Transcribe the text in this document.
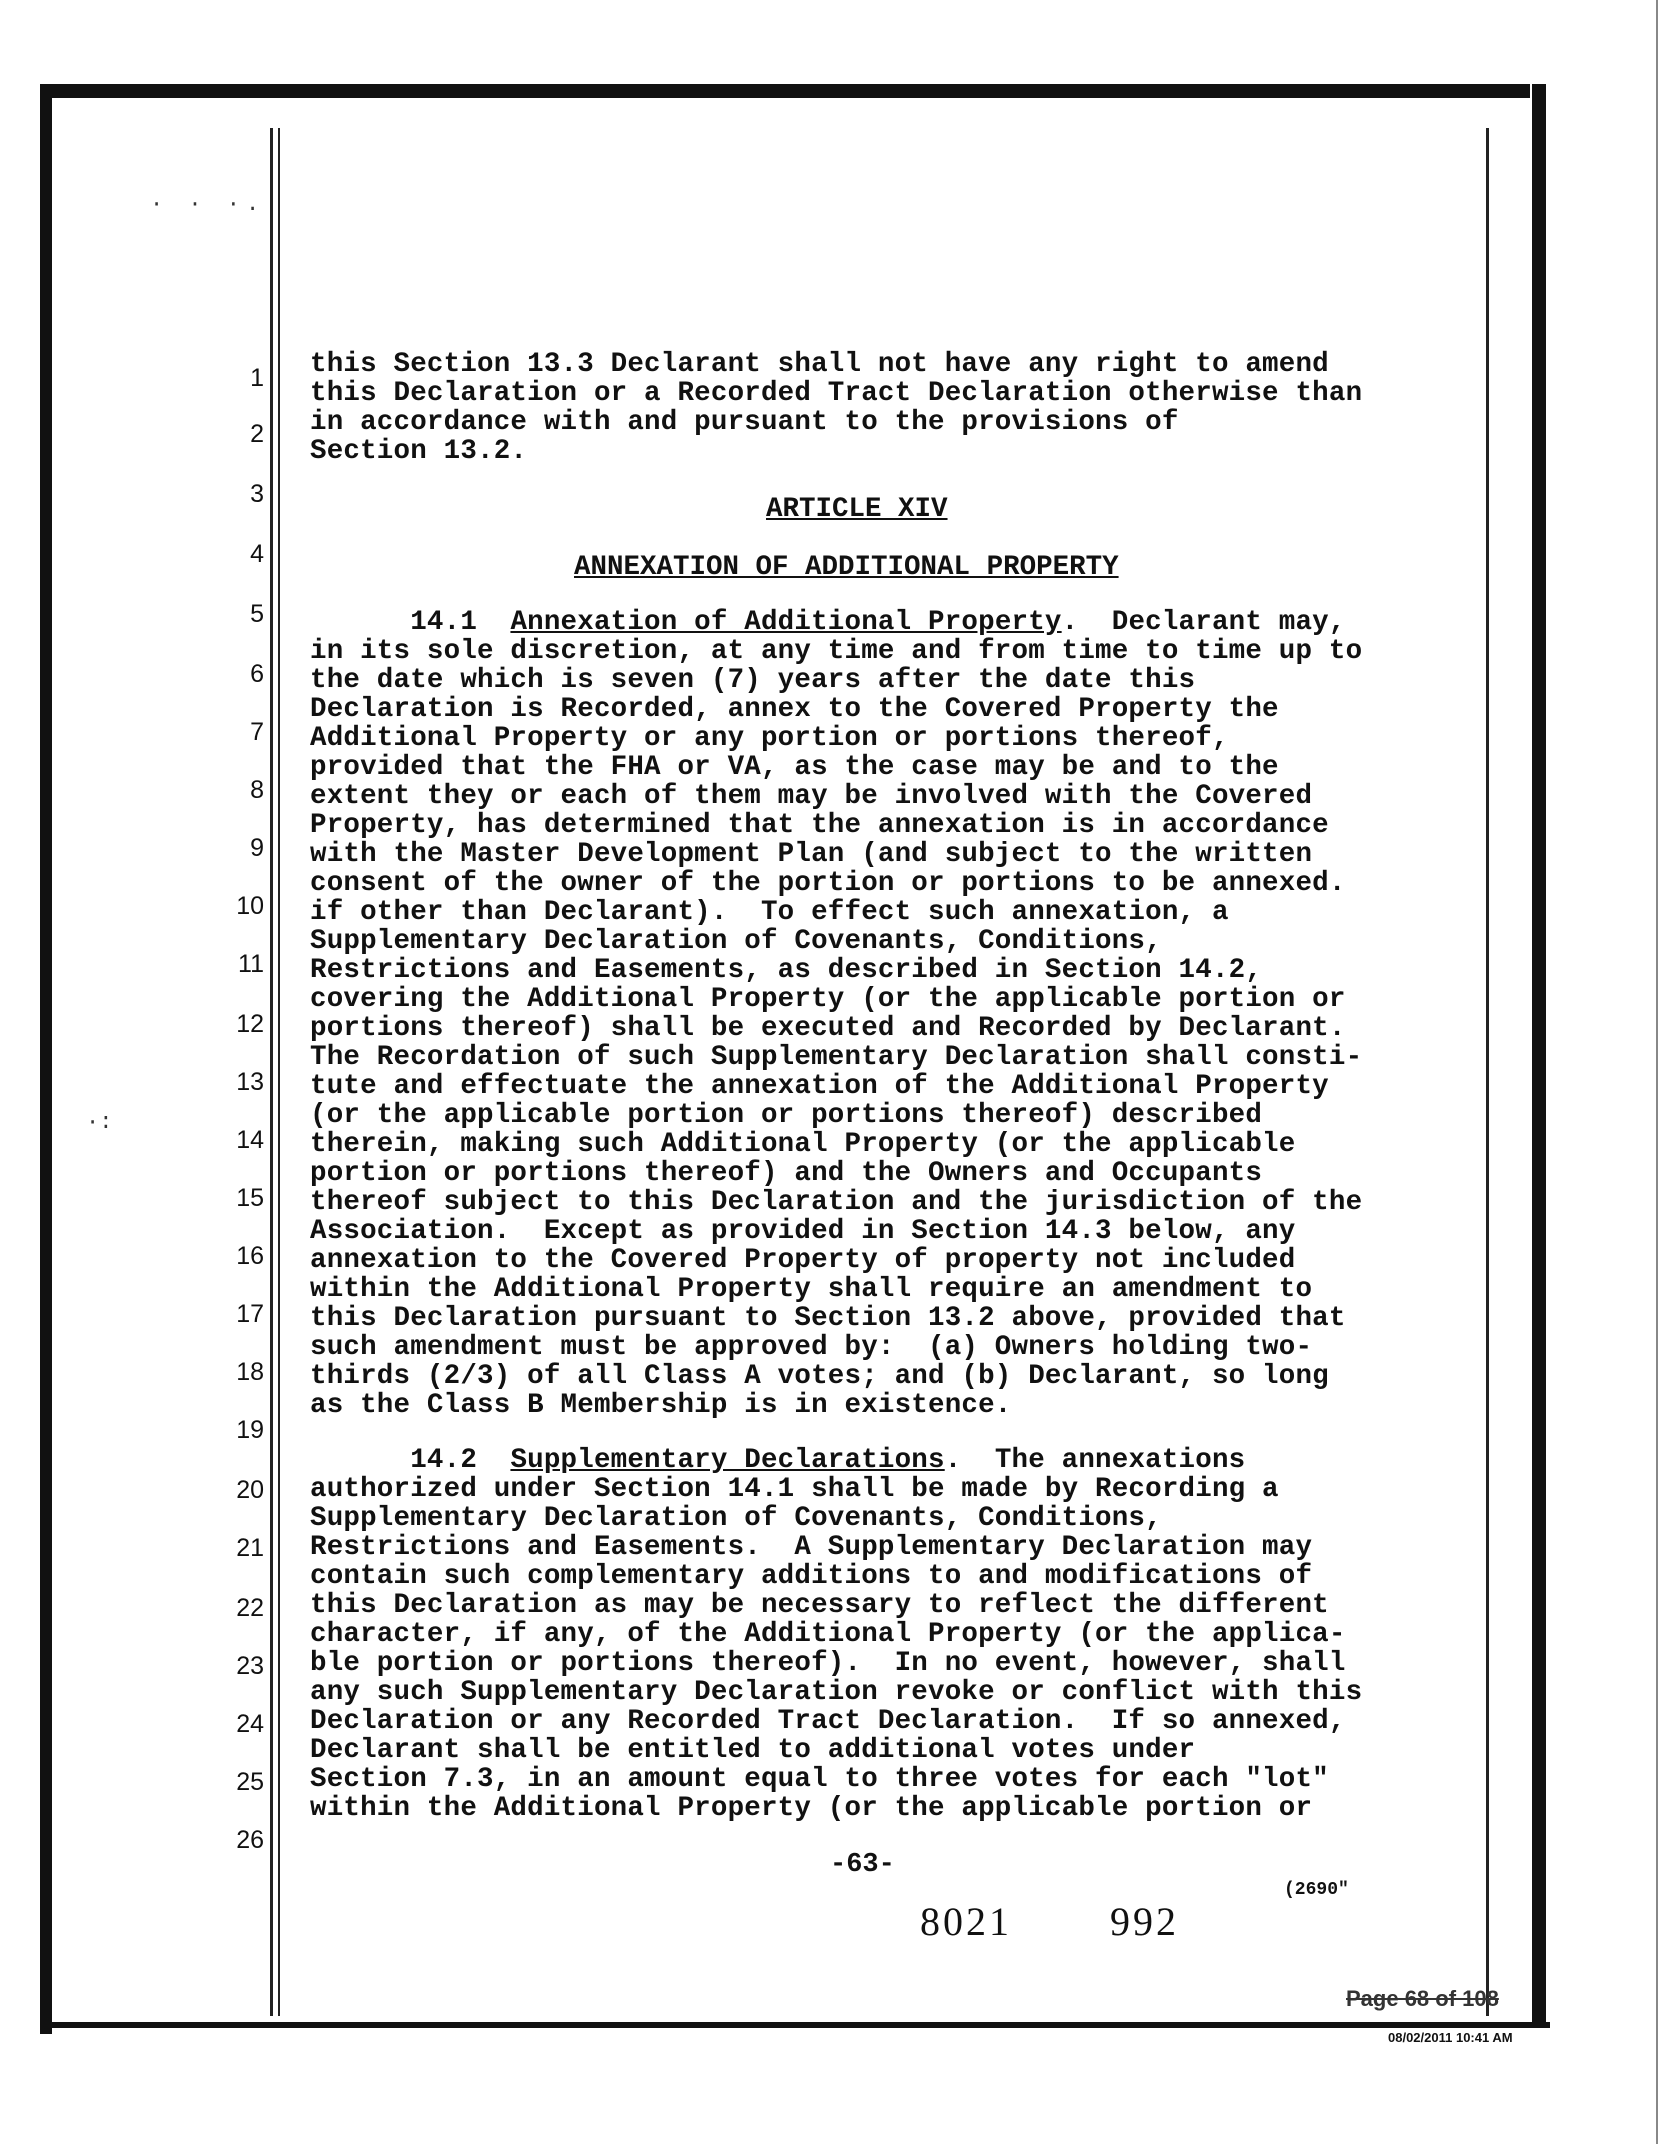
· · ·.
·:
1
2
3
4
5
6
7
8
9
10
11
12
13
14
15
16
17
18
19
20
21
22
23
24
25
26
this Section 13.3 Declarant shall not have any right to amend
this Declaration or a Recorded Tract Declaration otherwise than
in accordance with and pursuant to the provisions of
Section 13.2.
ARTICLE XIV
ANNEXATION OF ADDITIONAL PROPERTY
14.1 Annexation of Additional Property.  Declarant may,
in its sole discretion, at any time and from time to time up to
the date which is seven (7) years after the date this
Declaration is Recorded, annex to the Covered Property the
Additional Property or any portion or portions thereof,
provided that the FHA or VA, as the case may be and to the
extent they or each of them may be involved with the Covered
Property, has determined that the annexation is in accordance
with the Master Development Plan (and subject to the written
consent of the owner of the portion or portions to be annexed.
if other than Declarant).  To effect such annexation, a
Supplementary Declaration of Covenants, Conditions,
Restrictions and Easements, as described in Section 14.2,
covering the Additional Property (or the applicable portion or
portions thereof) shall be executed and Recorded by Declarant.
The Recordation of such Supplementary Declaration shall consti-
tute and effectuate the annexation of the Additional Property
(or the applicable portion or portions thereof) described
therein, making such Additional Property (or the applicable
portion or portions thereof) and the Owners and Occupants
thereof subject to this Declaration and the jurisdiction of the
Association.  Except as provided in Section 14.3 below, any
annexation to the Covered Property of property not included
within the Additional Property shall require an amendment to
this Declaration pursuant to Section 13.2 above, provided that
such amendment must be approved by:  (a) Owners holding two-
thirds (2/3) of all Class A votes; and (b) Declarant, so long
as the Class B Membership is in existence.
14.2 Supplementary Declarations.  The annexations
authorized under Section 14.1 shall be made by Recording a
Supplementary Declaration of Covenants, Conditions,
Restrictions and Easements.  A Supplementary Declaration may
contain such complementary additions to and modifications of
this Declaration as may be necessary to reflect the different
character, if any, of the Additional Property (or the applica-
ble portion or portions thereof).  In no event, however, shall
any such Supplementary Declaration revoke or conflict with this
Declaration or any Recorded Tract Declaration.  If so annexed,
Declarant shall be entitled to additional votes under
Section 7.3, in an amount equal to three votes for each "lot"
within the Additional Property (or the applicable portion or
-63-
(2690"
8021 992
Page 68 of 108
08/02/2011 10:41 AM
